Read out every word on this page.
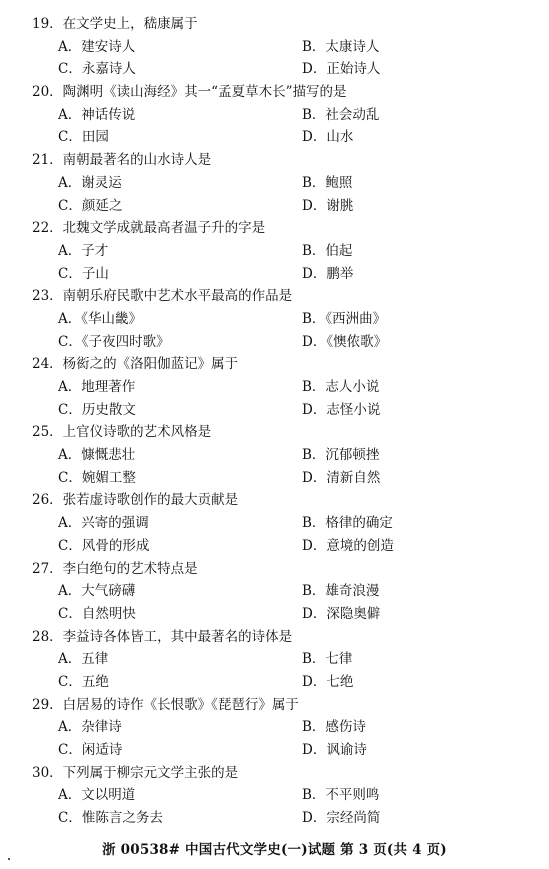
19．在文学史上，嵇康属于
A．建安诗人	B．太康诗人
C．永嘉诗人	D．正始诗人
20．陶渊明《读山海经》其一“孟夏草木长”描写的是
A．神话传说	B．社会动乱
C．田园	D．山水
21．南朝最著名的山水诗人是
A．谢灵运	B．鲍照
C．颜延之	D．谢朓
22．北魏文学成就最高者温子升的字是
A．子才	B．伯起
C．子山	D．鹏举
23．南朝乐府民歌中艺术水平最高的作品是
A．《华山畿》	B．《西洲曲》
C．《子夜四时歌》	D．《懊侬歌》
24．杨衒之的《洛阳伽蓝记》属于
A．地理著作	B．志人小说
C．历史散文	D．志怪小说
25．上官仪诗歌的艺术风格是
A．慷慨悲壮	B．沉郁顿挫
C．婉媚工整	D．清新自然
26．张若虚诗歌创作的最大贡献是
A．兴寄的强调	B．格律的确定
C．风骨的形成	D．意境的创造
27．李白绝句的艺术特点是
A．大气磅礴	B．雄奇浪漫
C．自然明快	D．深隐奥僻
28．李益诗各体皆工，其中最著名的诗体是
A．五律	B．七律
C．五绝	D．七绝
29．白居易的诗作《长恨歌》《琵琶行》属于
A．杂律诗	B．感伤诗
C．闲适诗	D．讽谕诗
30．下列属于柳宗元文学主张的是
A．文以明道	B．不平则鸣
C．惟陈言之务去	D．宗经尚简
浙 00538# 中国古代文学史(一)试题 第 3 页(共 4 页)
